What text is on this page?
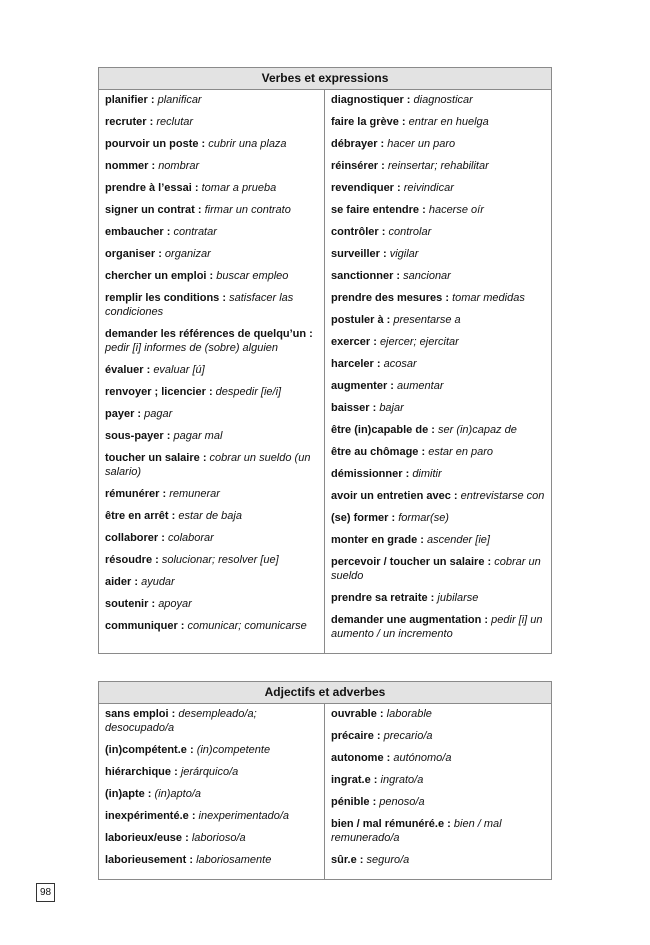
Verbes et expressions
planifier : planificar
recruter : reclutar
pourvoir un poste : cubrir una plaza
nommer : nombrar
prendre à l’essai : tomar a prueba
signer un contrat : firmar un contrato
embaucher : contratar
organiser : organizar
chercher un emploi : buscar empleo
remplir les conditions : satisfacer las condiciones
demander les références de quelqu’un : pedir [i] informes de (sobre) alguien
évaluer : evaluar [ú]
renvoyer ; licencier : despedir [ie/i]
payer : pagar
sous-payer : pagar mal
toucher un salaire : cobrar un sueldo (un salario)
rémunérer : remunerar
être en arrêt : estar de baja
collaborer : colaborar
résoudre : solucionar; resolver [ue]
aider : ayudar
soutenir : apoyar
communiquer : comunicar; comunicarse
diagnostiquer : diagnosticar
faire la grève : entrar en huelga
débrayer : hacer un paro
réinsérer : reinsertar; rehabilitar
revendiquer : reivindicar
se faire entendre : hacerse oír
contrôler : controlar
surveiller : vigilar
sanctionner : sancionar
prendre des mesures : tomar medidas
postuler à : presentarse a
exercer : ejercer; ejercitar
harceler : acosar
augmenter : aumentar
baisser : bajar
être (in)capable de : ser (in)capaz de
être au chômage : estar en paro
démissionner : dimitir
avoir un entretien avec : entrevistarse con
(se) former : formar(se)
monter en grade : ascender [ie]
percevoir / toucher un salaire : cobrar un sueldo
prendre sa retraite : jubilarse
demander une augmentation : pedir [i] un aumento / un incremento
Adjectifs et adverbes
sans emploi : desempleado/a; desocupado/a
(in)compétent.e : (in)competente
hiérarchique : jerárquico/a
(in)apte : (in)apto/a
inexpérimenté.e : inexperimentado/a
laborieux/euse : laborioso/a
laborieusement : laboriosamente
ouvrable : laborable
précaire : precario/a
autonome : autónomo/a
ingrat.e : ingrato/a
pénible : penoso/a
bien / mal rémunéré.e : bien / mal remunerado/a
sûr.e : seguro/a
98
